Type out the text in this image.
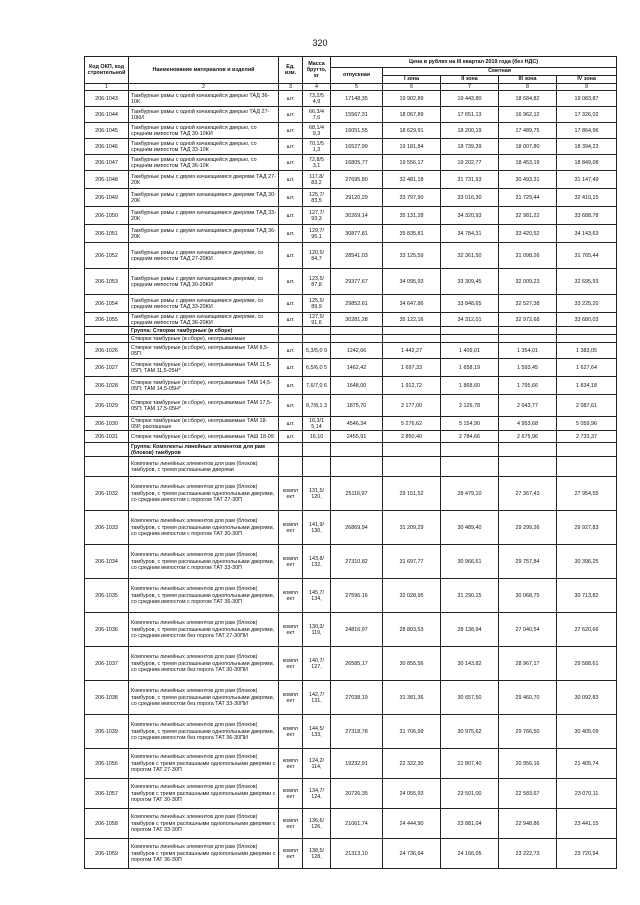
320
Код ОКП, код строительной	Наименование материалов и изделий	Ед. изм.	Масса брутто, кг	Цена в рублях на III квартал 2019 года (без НДС)				
				отпускная	Сметная			
					I зона	II зона	III зона	IV зона
1	2	3	4	5	6	7	8	9
206-1043	Тамбурные рамы с одной качающейся дверью ТАД 36-10К	шт.	73,2/5 4,9	17148,35	19 902,89	19 443,80	18 684,82	19 083,87
206-1044	Тамбурные рамы с одной качающейся дверью ТАД 27-10КИ	шт.	66,3/4 7,6	15567,31	18 067,89	17 651,13	16 962,12	17 326,02
206-1045	Тамбурные рамы с одной качающейся дверью, со средним импостом ТАД 30-10КИ	шт.	68,1/4 9,3	16051,55	18 629,91	18 200,19	17 489,75	17 864,96
206-1046	Тамбурные рамы с одной качающейся дверью, со средним импостом ТАД 33-10К	шт.	70,1/5 1,3	16527,99	19 181,84	18 739,39	18 007,80	18 394,23
206-1047	Тамбурные рамы с одной качающейся дверью, со средним импостом ТАД 36-10К	шт.	72,8/5 3,1	16805,77	19 556,17	19 202,77	18 453,19	18 849,08
206-1048	Тамбурные рамы с двумя качающимися дверями ТАД 27-20К	шт.	117,8/ 83,2	27695,80	32 481,18	31 731,93	30 493,31	31 147,49
206-1049	Тамбурные рамы с двумя качающимися дверями ТАД 30-20К	шт.	125,7/ 83,5	29120,29	33 797,90	33 016,30	31 729,44	32 410,15
206-1050	Тамбурные рамы с двумя качающимися дверями ТАД 33-20К	шт.	127,7/ 93,3	30269,14	35 131,28	34 320,93	32 981,22	33 688,78
206-1051	Тамбурные рамы с двумя качающимися дверями ТАД 36-20К	шт.	129,7/ 95,1	30877,81	35 835,81	34 784,31	33 420,52	34 143,63
206-1052	Тамбурные рамы с двумя качающимися дверями, со средним импостом ТАД 27-20КИ	шт.	120,5/ 84,7	28541,03	33 125,59	32 361,50	31 098,26	31 765,44
206-1053	Тамбурные рамы с двумя качающимися дверями, со средним импостом ТАД 30-20КИ	шт.	123,5/ 87,8	29377,67	34 095,93	33 309,45	32 009,23	32 695,93
206-1054	Тамбурные рамы с двумя качающимися дверями, со средним импостом ТАД 33-20КИ	шт.	125,5/ 89,9	29852,61	34 647,86	33 848,65	32 527,38	33 225,20
206-1055	Тамбурные рамы с двумя качающимися дверями, со средним импостом ТАД 36-20КИ	шт.	127,5/ 91,6	30281,28	35 122,16	34 312,01	32 972,68	33 680,03
	Группа: Створки тамбурные (в сборе)							
	Створки тамбурные (в сборе), неотрываемые							
206-1026	Створки тамбурные (в сборе), неотрываемые ТАМ 8,5-05П	шт.	5,3/5,0 9	1242,66	1 442,27	1 409,01	1 354,01	1 383,05
206-1027	Створки тамбурные (в сборе), неотрываемые ТАМ 11,5-05П; ТАМ 11,5-05Н*	шт.	6,5/6,0 5	1462,42	1 697,33	1 658,19	1 593,45	1 627,64
206-1028	Створки тамбурные (в сборе), неотрываемые ТАМ 14,5-05П; ТАМ 14,5-05Н*	шт.	7,6/7,0 6	1648,00	1 912,72	1 868,60	1 795,66	1 834,18
206-1029	Створки тамбурные (в сборе), неотрываемые ТАМ 17,5-05П; ТАМ 17,5-05Н*	шт.	8,7/8,1 3	1875,70	2 177,00	2 126,78	2 043,77	2 087,61
206-1030	Створки тамбурные (в сборе), неотрываемые ТАМ 18-05Р, распашные	шт.	16,3/1 5,14	4546,34	5 276,62	5 154,90	4 953,68	5 059,96
206-1031	Створки тамбурные (в сборе), неотрываемые ТАШ 18-09	шт.	16,10	2455,91	2 850,40	2 784,66	2 675,96	2 733,37
	Группа: Комплекты линейных элементов для рам (блоков) тамбуров							
	Комплекты линейных элементов для рам (блоков) тамбуров, с тремя распашными дверями							
206-1032	Комплекты линейных элементов для рам (блоков) тамбуров, с тремя распашными однопольными дверями, со средним импостом с порогом ТАТ 27-30П	компл ект	131,5/ 120,	25116,97	29 151,52	28 479,10	27 367,43	27 954,55
206-1033	Комплекты линейных элементов для рам (блоков) тамбуров, с тремя распашными однопольными дверями, со средним импостом с порогом ТАТ 30-30П	компл ект	141,9/ 130,	26869,94	31 209,29	30 489,40	29 299,26	29 927,83
206-1034	Комплекты линейных элементов для рам (блоков) тамбуров, с тремя распашными однопольными дверями, со средним импостом с порогом ТАТ 33-30П	компл ект	143,8/ 132,	27310,82	31 697,77	30 966,61	29 757,84	30 396,25
206-1035	Комплекты линейных элементов для рам (блоков) тамбуров, с тремя распашными однопольными дверями, со средним импостом с порогом ТАТ 36-30П	компл ект	145,7/ 134,	27596,16	32 028,95	31 290,15	30 068,75	30 713,82
206-1036	Комплекты линейных элементов для рам (блоков) тамбуров, с тремя распашными однопольными дверями, со средним импостом без порога ТАТ 27-30ПИ	компл ект	130,3/ 119,	24816,97	28 803,53	28 138,94	27 040,54	27 620,66
206-1037	Комплекты линейных элементов для рам (блоков) тамбуров, с тремя распашными однопольными дверями, со средним импостом без порога ТАТ 30-30ПИ	компл ект	140,7/ 127,	26585,17	30 855,56	30 143,82	28 967,17	29 588,61
206-1038	Комплекты линейных элементов для рам (блоков) тамбуров, с тремя распашными однопольными дверями, со средним импостом без порога ТАТ 33-30ПИ	компл ект	142,7/ 131,	27038,19	31 381,36	30 657,50	29 460,70	30 092,83
206-1039	Комплекты линейных элементов для рам (блоков) тамбуров, с тремя распашными однопольными дверями, со средним импостом без порога ТАТ 36-30ПИ	компл ект	144,5/ 133,	27318,78	31 706,99	30 975,62	29 766,50	30 405,09
206-1056	Комплекты линейных элементов для рам (блоков) тамбуров с тремя распашными однопольными дверями с порогом ТАТ 27-30П	компл ект	124,2/ 114,	19232,91	22 322,30	21 807,40	20 956,16	21 405,74
206-1057	Комплекты линейных элементов для рам (блоков) тамбуров с тремя распашными однопольными дверями с порогом ТАТ 30-30П	компл ект	134,7/ 124,	20726,35	24 055,93	23 501,00	22 583,67	23 070,11
206-1058	Комплекты линейных элементов для рам (блоков) тамбуров с тремя распашными однопольными дверями с порогом ТАТ 33-30П	компл ект	136,6/ 126,	21061,74	24 444,90	23 881,04	22 948,86	23 441,15
206-1059	Комплекты линейных элементов для рам (блоков) тамбуров с тремя распашными однопольными дверями с порогом ТАТ 36-30П	компл ект	138,5/ 128,	21313,10	24 736,64	24 166,05	23 222,73	23 720,94
